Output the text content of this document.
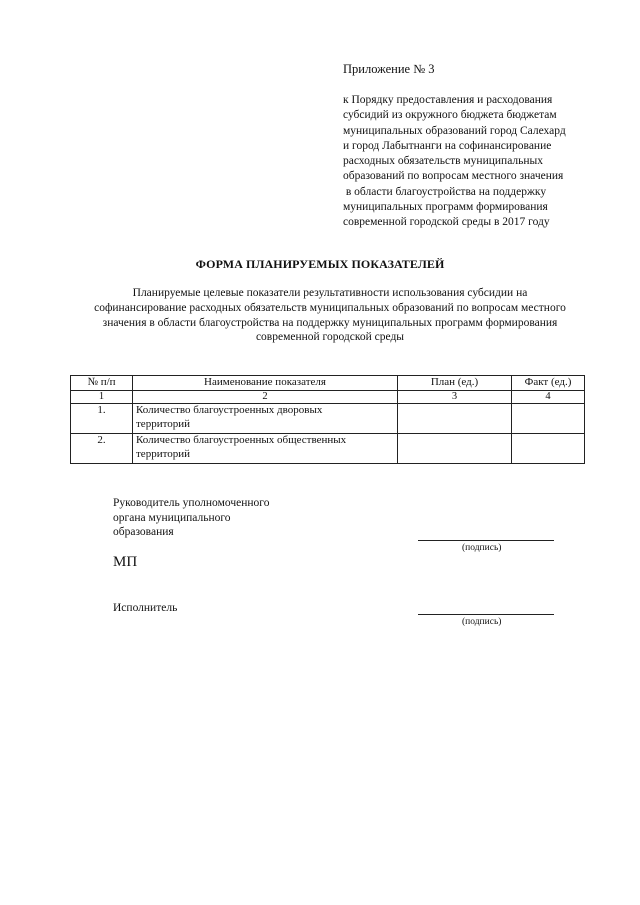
Приложение № 3
к Порядку предоставления и расходования
субсидий из окружного бюджета бюджетам
муниципальных образований город Салехард
и город Лабытнанги на софинансирование
расходных обязательств муниципальных
образований по вопросам местного значения
в области благоустройства на поддержку
муниципальных программ формирования
современной городской среды в 2017 году
ФОРМА ПЛАНИРУЕМЫХ ПОКАЗАТЕЛЕЙ
Планируемые целевые показатели результативности использования субсидии на
софинансирование расходных обязательств муниципальных образований по вопросам местного
значения в области благоустройства на поддержку муниципальных программ формирования
современной городской среды
№ п/п	Наименование показателя	План (ед.)	Факт (ед.)
1	2	3	4
1.	Количество благоустроенных дворовых
территорий		

2.	Количество благоустроенных общественных
территорий		

Руководитель уполномоченного
органа муниципального
образования
(подпись)
МП
Исполнитель
(подпись)
